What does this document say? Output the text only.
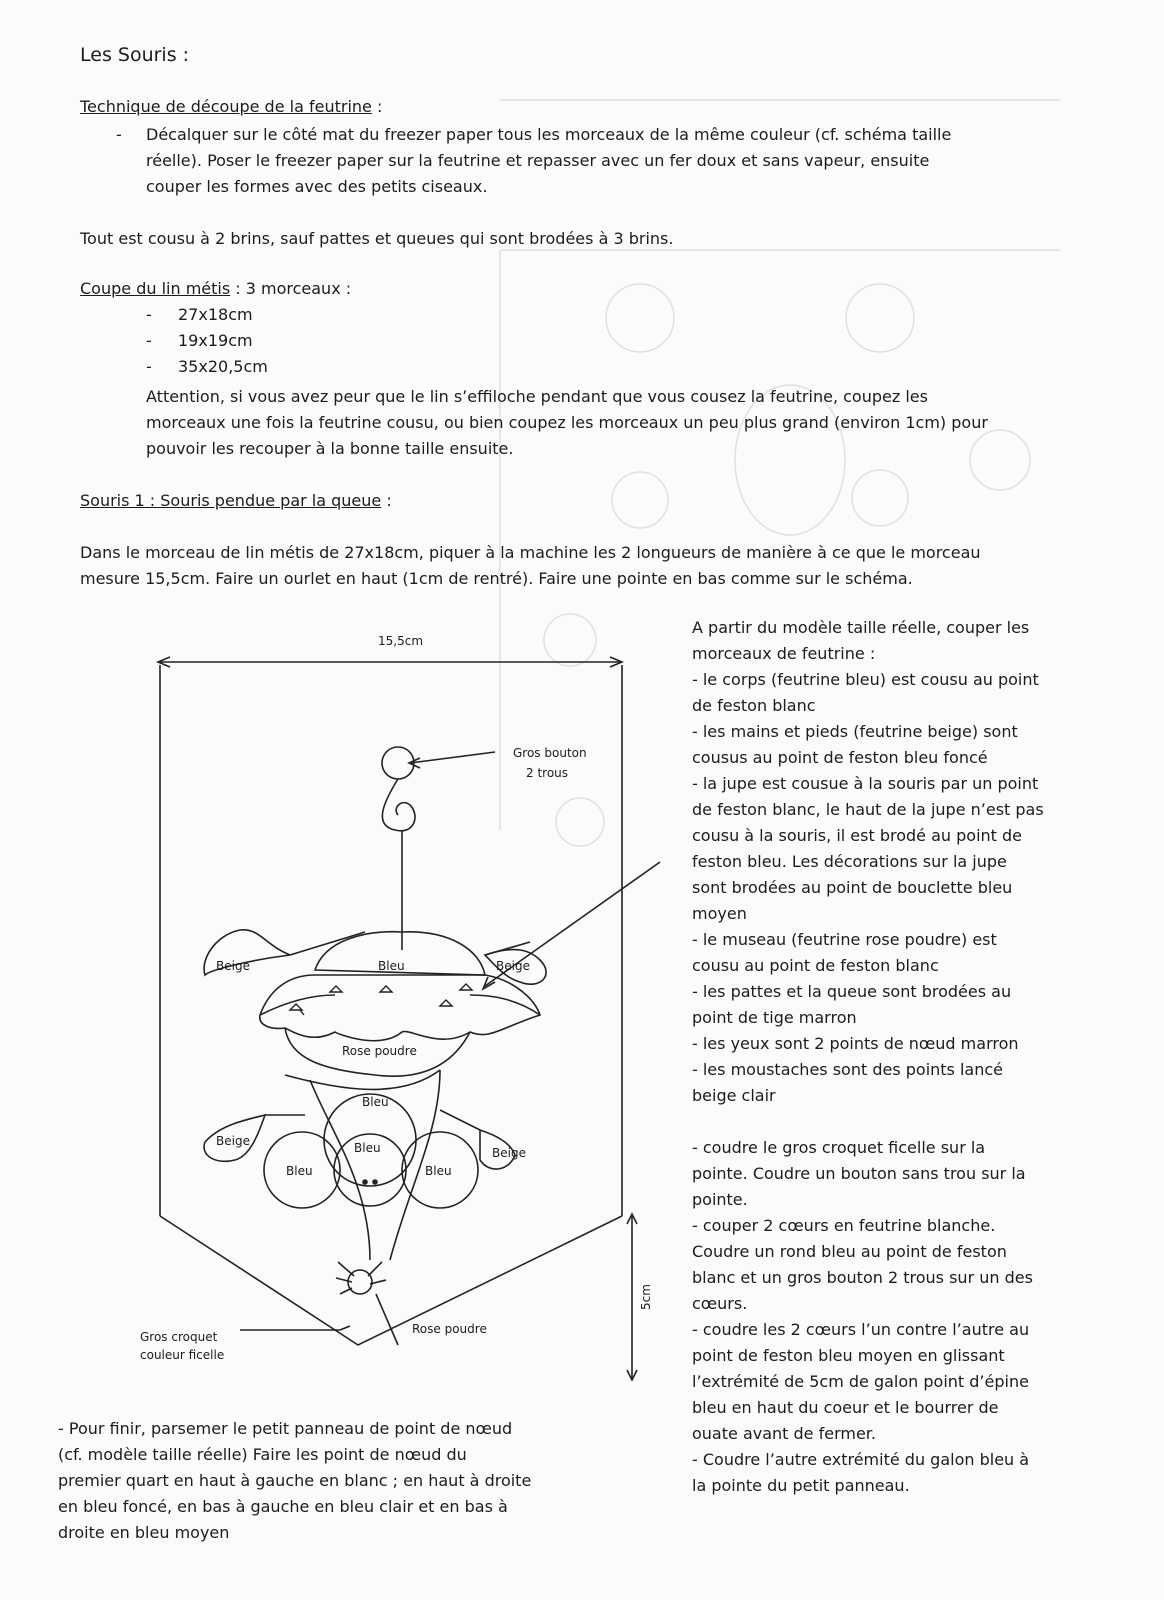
Les Souris :
Technique de découpe de la feutrine :
- Décalquer sur le côté mat du freezer paper tous les morceaux de la même couleur (cf. schéma taille
réelle). Poser le freezer paper sur la feutrine et repasser avec un fer doux et sans vapeur, ensuite
couper les formes avec des petits ciseaux.
Tout est cousu à 2 brins, sauf pattes et queues qui sont brodées à 3 brins.
Coupe du lin métis : 3 morceaux :
- 27x18cm
- 19x19cm
- 35x20,5cm
Attention, si vous avez peur que le lin s’effiloche pendant que vous cousez la feutrine, coupez les
morceaux une fois la feutrine cousu, ou bien coupez les morceaux un peu plus grand (environ 1cm) pour
pouvoir les recouper à la bonne taille ensuite.
Souris 1 : Souris pendue par la queue :
Dans le morceau de lin métis de 27x18cm, piquer à la machine les 2 longueurs de manière à ce que le morceau
mesure 15,5cm. Faire un ourlet en haut (1cm de rentré). Faire une pointe en bas comme sur le schéma.
15,5cm
5cm
Gros bouton
2 trous
Beige	Beige
Bleu
Rose poudre
Bleu
Beige
Beige
Bleu
Bleu	Bleu
Rose poudre
Gros croquet
couleur ficelle

A partir du modèle taille réelle, couper les

morceaux de feutrine :

- le corps (feutrine bleu) est cousu au point

de feston blanc

- les mains et pieds (feutrine beige) sont

cousus au point de feston bleu foncé

- la jupe est cousue à la souris par un point

de feston blanc, le haut de la jupe n’est pas

cousu à la souris, il est brodé au point de

feston bleu. Les décorations sur la jupe

sont brodées au point de bouclette bleu

moyen

- le museau (feutrine rose poudre) est

cousu au point de feston blanc

- les pattes et la queue sont brodées au

point de tige marron

- les yeux sont 2 points de nœud marron

- les moustaches sont des points lancé

beige clair

- coudre le gros croquet ficelle sur la

pointe. Coudre un bouton sans trou sur la

pointe.

- couper 2 cœurs en feutrine blanche.

Coudre un rond bleu au point de feston

blanc et un gros bouton 2 trous sur un des

cœurs.

- coudre les 2 cœurs l’un contre l’autre au

point de feston bleu moyen en glissant

l’extrémité de 5cm de galon point d’épine

bleu en haut du coeur et le bourrer de

ouate avant de fermer.

- Coudre l’autre extrémité du galon bleu à

la pointe du petit panneau.

- Pour finir, parsemer le petit panneau de point de nœud
(cf. modèle taille réelle) Faire les point de nœud du
premier quart en haut à gauche en blanc ; en haut à droite
en bleu foncé, en bas à gauche en bleu clair et en bas à
droite en bleu moyen
